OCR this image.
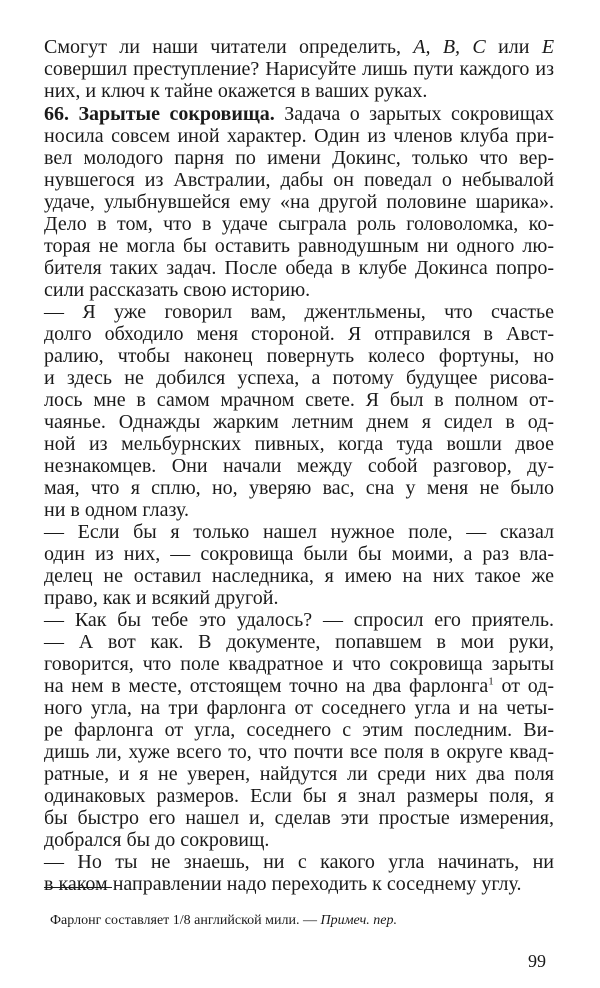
Смогут ли наши читатели определить, A, B, C или E
совершил преступление? Нарисуйте лишь пути каждого из
них, и ключ к тайне окажется в ваших руках.
66. Зарытые сокровища. Задача о зарытых сокровищах
носила совсем иной характер. Один из членов клуба при-
вел молодого парня по имени Докинс, только что вер-
нувшегося из Австралии, дабы он поведал о небывалой
удаче, улыбнувшейся ему «на другой половине шарика».
Дело в том, что в удаче сыграла роль головоломка, ко-
торая не могла бы оставить равнодушным ни одного лю-
бителя таких задач. После обеда в клубе Докинса попро-
сили рассказать свою историю.
— Я уже говорил вам, джентльмены, что счастье
долго обходило меня стороной. Я отправился в Авст-
ралию, чтобы наконец повернуть колесо фортуны, но
и здесь не добился успеха, а потому будущее рисова-
лось мне в самом мрачном свете. Я был в полном от-
чаянье. Однажды жарким летним днем я сидел в од-
ной из мельбурнских пивных, когда туда вошли двое
незнакомцев. Они начали между собой разговор, ду-
мая, что я сплю, но, уверяю вас, сна у меня не было
ни в одном глазу.
— Если бы я только нашел нужное поле, — сказал
один из них, — сокровища были бы моими, а раз вла-
делец не оставил наследника, я имею на них такое же
право, как и всякий другой.
— Как бы тебе это удалось? — спросил его приятель.
— А вот как. В документе, попавшем в мои руки,
говорится, что поле квадратное и что сокровища зарыты
на нем в месте, отстоящем точно на два фарлонга$^1$ от од-
ного угла, на три фарлонга от соседнего угла и на четы-
ре фарлонга от угла, соседнего с этим последним. Ви-
дишь ли, хуже всего то, что почти все поля в округе квад-
ратные, и я не уверен, найдутся ли среди них два поля
одинаковых размеров. Если бы я знал размеры поля, я
бы быстро его нашел и, сделав эти простые измерения,
добрался бы до сокровищ.
Фарлонг составляет 1/8 английской мили. — Примеч. пер.
99
— Но ты не знаешь, ни с какого угла начинать, ни
в каком направлении надо переходить к соседнему углу.
